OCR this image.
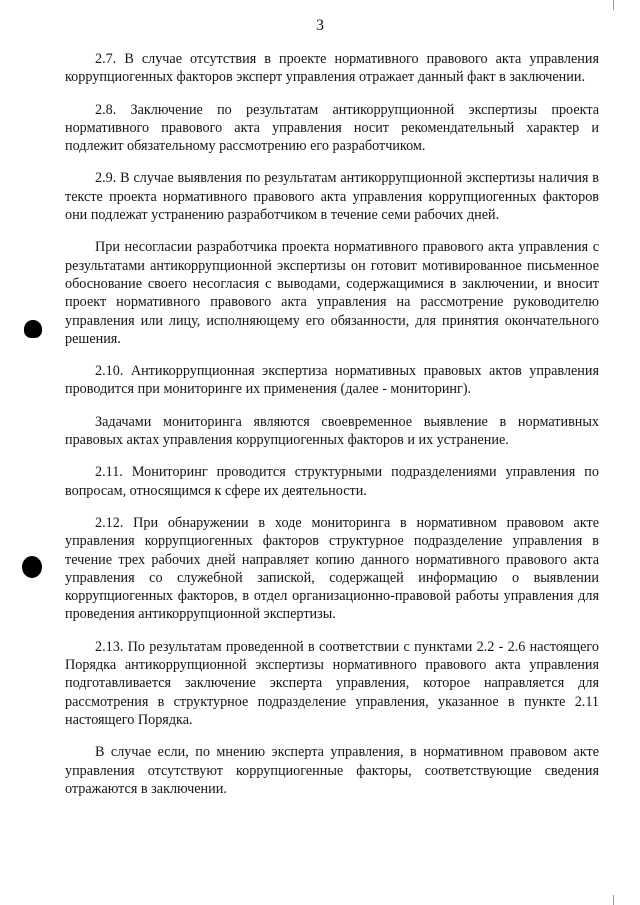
3

2.7. В случае отсутствия в проекте нормативного правового акта управления коррупциогенных факторов эксперт управления отражает данный факт в заключении.

2.8. Заключение по результатам антикоррупционной экспертизы проекта нормативного правового акта управления носит рекомендательный характер и подлежит обязательному рассмотрению его разработчиком.

2.9. В случае выявления по результатам антикоррупционной экспертизы наличия в тексте проекта нормативного правового акта управления коррупциогенных факторов они подлежат устранению разработчиком в течение семи рабочих дней.

При несогласии разработчика проекта нормативного правового акта управления с результатами антикоррупционной экспертизы он готовит мотивированное письменное обоснование своего несогласия с выводами, содержащимися в заключении, и вносит проект нормативного правового акта управления на рассмотрение руководителю управления или лицу, исполняющему его обязанности, для принятия окончательного решения.

2.10. Антикоррупционная экспертиза нормативных правовых актов управления проводится при мониторинге их применения (далее - мониторинг).

Задачами мониторинга являются своевременное выявление в нормативных правовых актах управления коррупциогенных факторов и их устранение.

2.11. Мониторинг проводится структурными подразделениями управления по вопросам, относящимся к сфере их деятельности.

2.12. При обнаружении в ходе мониторинга в нормативном правовом акте управления коррупциогенных факторов структурное подразделение управления в течение трех рабочих дней направляет копию данного нормативного правового акта управления со служебной запиской, содержащей информацию о выявлении коррупциогенных факторов, в отдел организационно-правовой работы управления для проведения антикоррупционной экспертизы.

2.13. По результатам проведенной в соответствии с пунктами 2.2 - 2.6 настоящего Порядка антикоррупционной экспертизы нормативного правового акта управления подготавливается заключение эксперта управления, которое направляется для рассмотрения в структурное подразделение управления, указанное в пункте 2.11 настоящего Порядка.

В случае если, по мнению эксперта управления, в нормативном правовом акте управления отсутствуют коррупциогенные факторы, соответствующие сведения отражаются в заключении.
